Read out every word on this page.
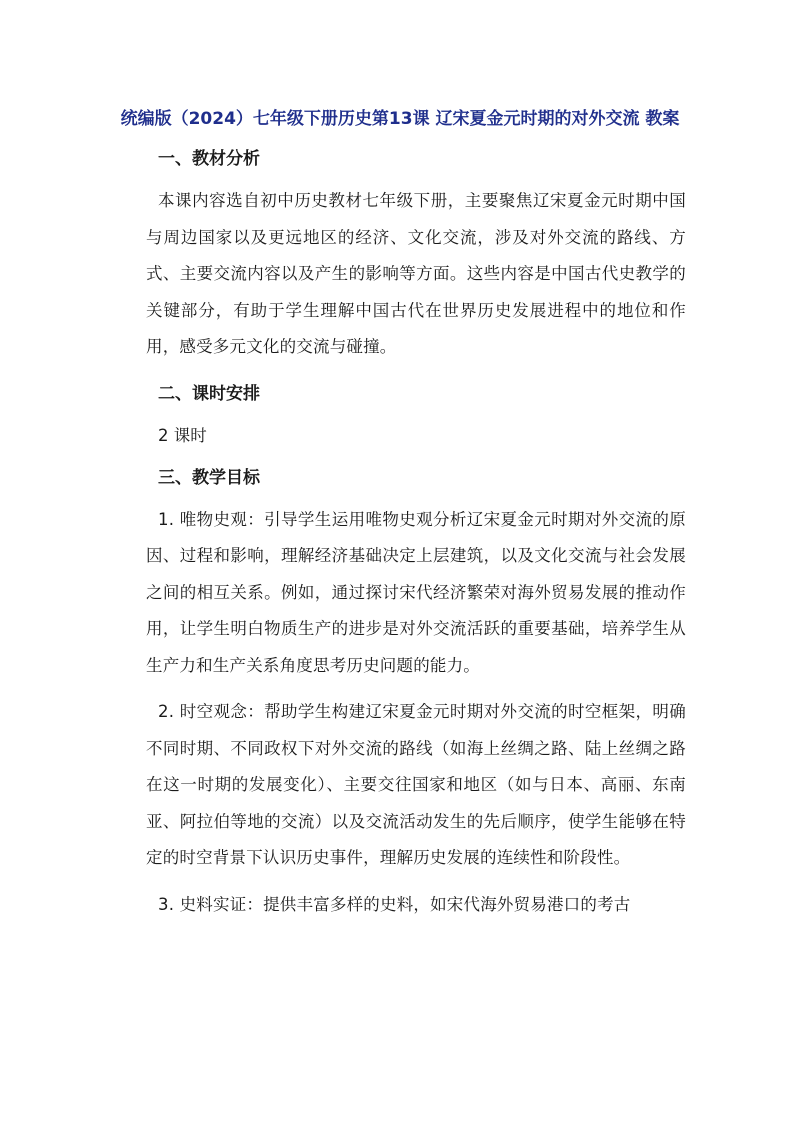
统编版（2024）七年级下册历史第13课 辽宋夏金元时期的对外交流 教案
一、教材分析

本课内容选自初中历史教材七年级下册，主要聚焦辽宋夏金元时期中国与周边国家以及更远地区的经济、文化交流，涉及对外交流的路线、方式、主要交流内容以及产生的影响等方面。这些内容是中国古代史教学的关键部分，有助于学生理解中国古代在世界历史发展进程中的地位和作用，感受多元文化的交流与碰撞。

二、课时安排
2 课时
三、教学目标

1. 唯物史观：引导学生运用唯物史观分析辽宋夏金元时期对外交流的原因、过程和影响，理解经济基础决定上层建筑，以及文化交流与社会发展之间的相互关系。例如，通过探讨宋代经济繁荣对海外贸易发展的推动作用，让学生明白物质生产的进步是对外交流活跃的重要基础，培养学生从生产力和生产关系角度思考历史问题的能力。

2. 时空观念：帮助学生构建辽宋夏金元时期对外交流的时空框架，明确不同时期、不同政权下对外交流的路线（如海上丝绸之路、陆上丝绸之路在这一时期的发展变化）、主要交往国家和地区（如与日本、高丽、东南亚、阿拉伯等地的交流）以及交流活动发生的先后顺序，使学生能够在特定的时空背景下认识历史事件，理解历史发展的连续性和阶段性。

3. 史料实证：提供丰富多样的史料，如宋代海外贸易港口的考古
